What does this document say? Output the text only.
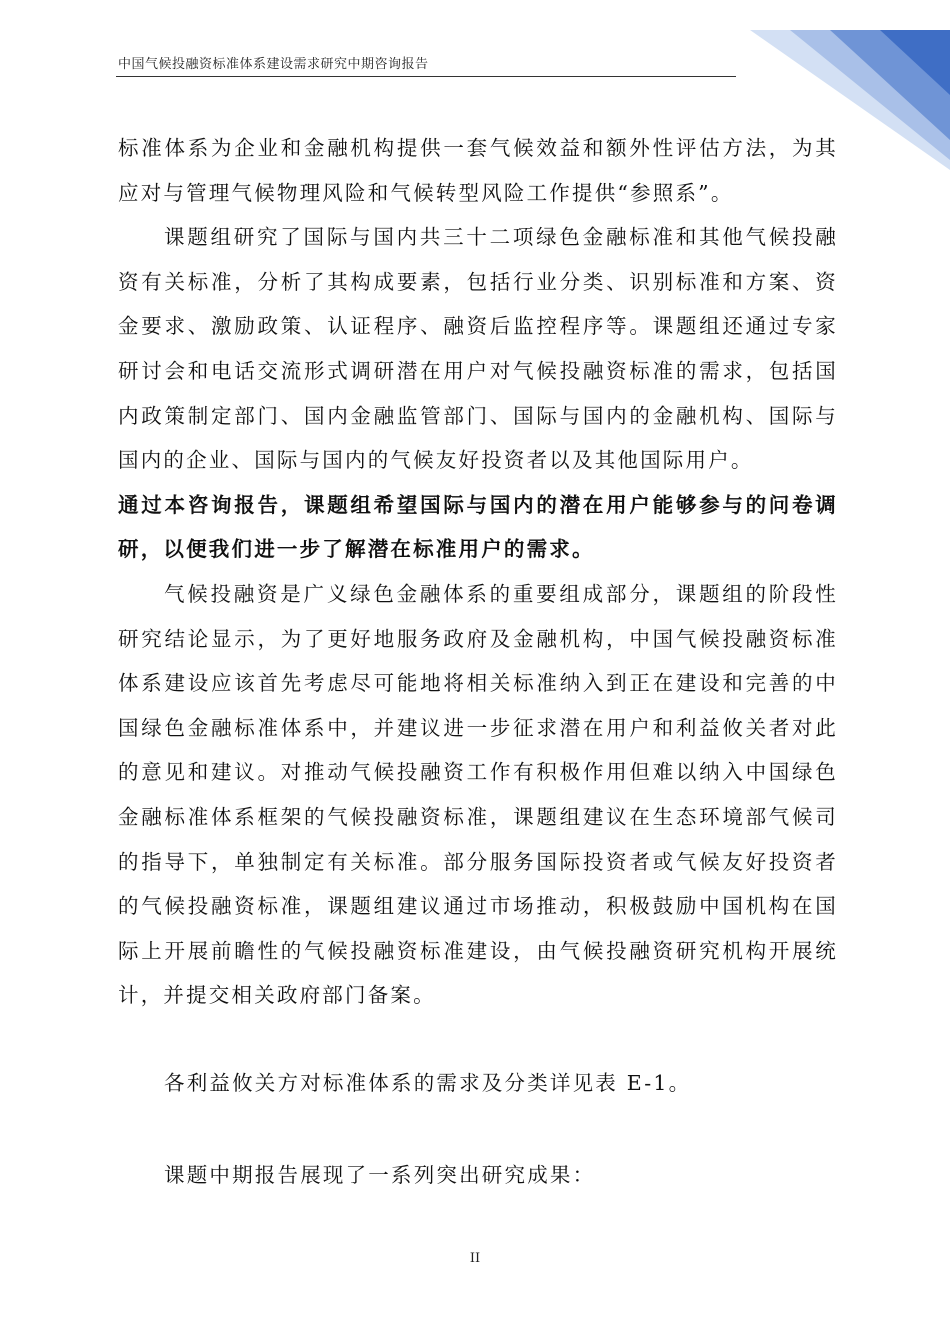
中国气候投融资标准体系建设需求研究中期咨询报告

标准体系为企业和金融机构提供一套气候效益和额外性评估方法，为其应对与管理气候物理风险和气候转型风险工作提供“参照系”。

课题组研究了国际与国内共三十二项绿色金融标准和其他气候投融资有关标准，分析了其构成要素，包括行业分类、识别标准和方案、资金要求、激励政策、认证程序、融资后监控程序等。课题组还通过专家研讨会和电话交流形式调研潜在用户对气候投融资标准的需求，包括国内政策制定部门、国内金融监管部门、国际与国内的金融机构、国际与国内的企业、国际与国内的气候友好投资者以及其他国际用户。

通过本咨询报告，课题组希望国际与国内的潜在用户能够参与的问卷调研，以便我们进一步了解潜在标准用户的需求。

气候投融资是广义绿色金融体系的重要组成部分，课题组的阶段性研究结论显示，为了更好地服务政府及金融机构，中国气候投融资标准体系建设应该首先考虑尽可能地将相关标准纳入到正在建设和完善的中国绿色金融标准体系中，并建议进一步征求潜在用户和利益攸关者对此的意见和建议。对推动气候投融资工作有积极作用但难以纳入中国绿色金融标准体系框架的气候投融资标准，课题组建议在生态环境部气候司的指导下，单独制定有关标准。部分服务国际投资者或气候友好投资者的气候投融资标准，课题组建议通过市场推动，积极鼓励中国机构在国际上开展前瞻性的气候投融资标准建设，由气候投融资研究机构开展统计，并提交相关政府部门备案。

各利益攸关方对标准体系的需求及分类详见表 E-1。
课题中期报告展现了一系列突出研究成果：
II
